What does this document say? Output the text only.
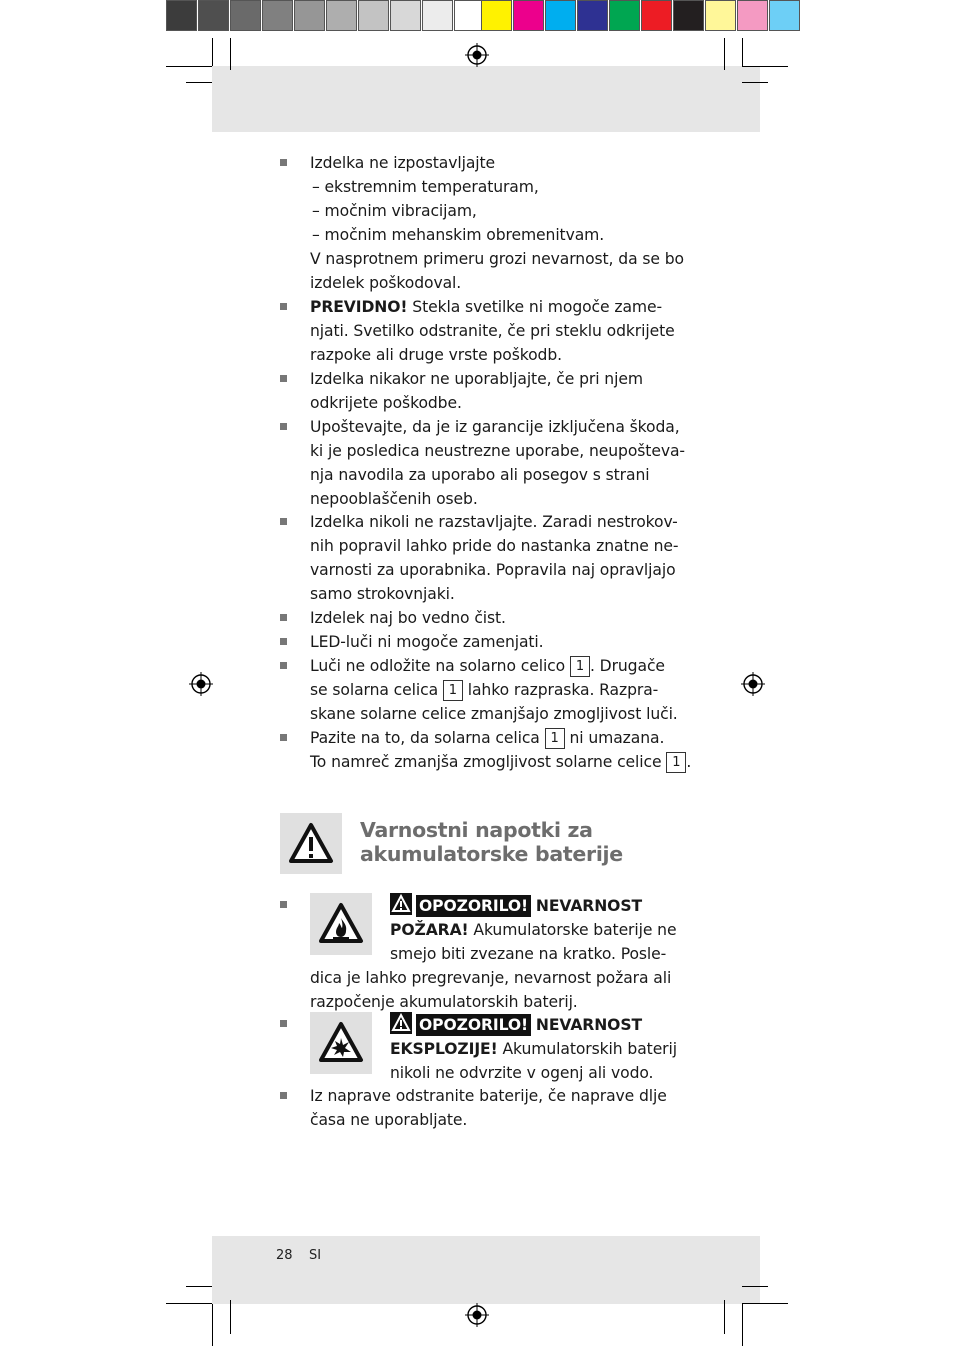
Izdelka ne izpostavljajte
– ekstremnim temperaturam,
– močnim vibracijam,
– močnim mehanskim obremenitvam.
V nasprotnem primeru grozi nevarnost, da se bo
izdelek poškodoval.
PREVIDNO! Stekla svetilke ni mogoče zame-
njati. Svetilko odstranite, če pri steklu odkrijete
razpoke ali druge vrste poškodb.
Izdelka nikakor ne uporabljajte, če pri njem
odkrijete poškodbe.
Upoštevajte, da je iz garancije izključena škoda,
ki je posledica neustrezne uporabe, neupošteva-
nja navodila za uporabo ali posegov s strani
nepooblaščenih oseb.
Izdelka nikoli ne razstavljajte. Zaradi nestrokov-
nih popravil lahko pride do nastanka znatne ne-
varnosti za uporabnika. Popravila naj opravljajo
samo strokovnjaki.
Izdelek naj bo vedno čist.
LED-luči ni mogoče zamenjati.
Luči ne odložite na solarno celico 1 . Drugače
se solarna celica 1 lahko razpraska. Razpra-
skane solarne celice zmanjšajo zmogljivost luči.
Pazite na to, da solarna celica 1 ni umazana.
To namreč zmanjša zmogljivost solarne celice 1 .
Varnostni napotki za
akumulatorske baterije
OPOZORILO! NEVARNOST
POŽARA! Akumulatorske baterije ne
smejo biti zvezane na kratko. Posle-
dica je lahko pregrevanje, nevarnost požara ali
razpočenje akumulatorskih baterij.
OPOZORILO! NEVARNOST
EKSPLOZIJE! Akumulatorskih baterij
nikoli ne odvrzite v ogenj ali vodo.
Iz naprave odstranite baterije, če naprave dlje
časa ne uporabljate.
28 SI
